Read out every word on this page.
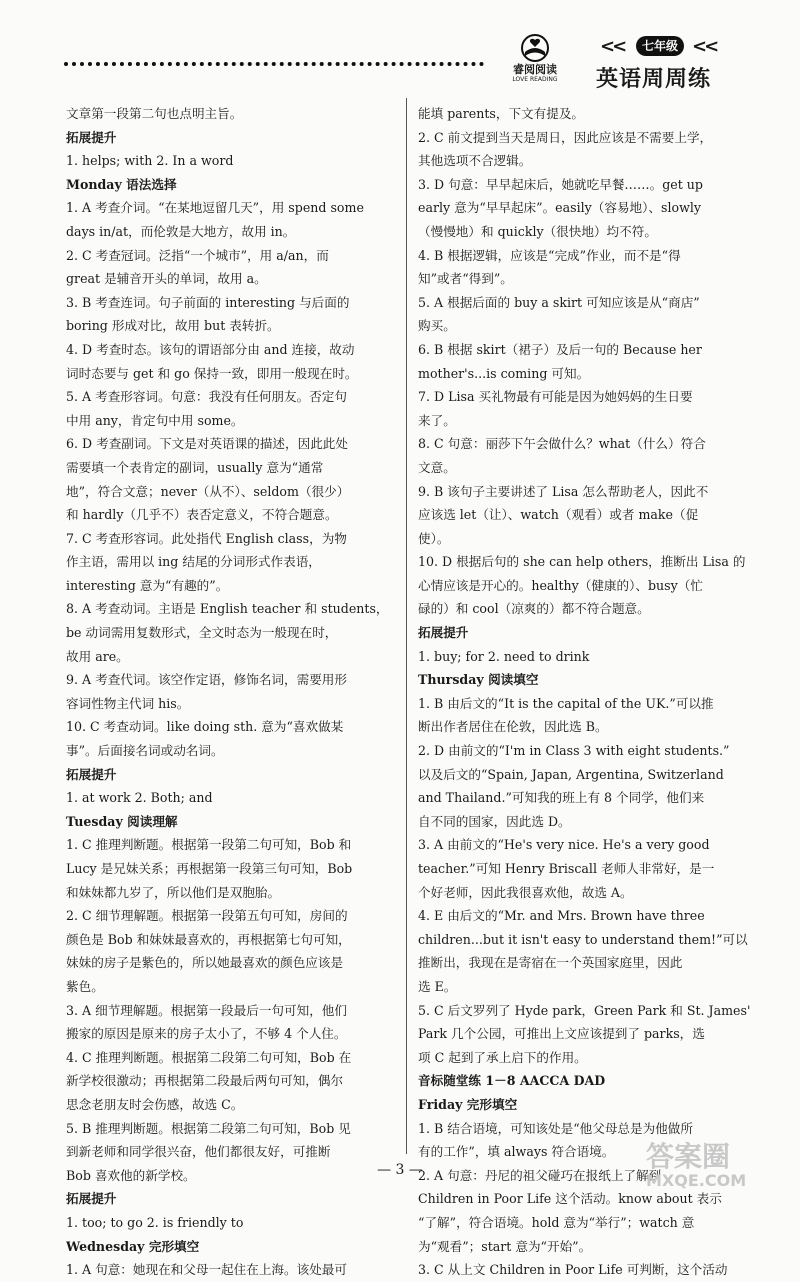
睿阅阅读
LOVE READING
<<	七年级 <<
英语周周练
文章第一段第二句也点明主旨。
拓展提升
1. helps; with 2. In a word
Monday 语法选择
1. A 考查介词。“在某地逗留几天”，用 spend some
days in/at，而伦敦是大地方，故用 in。
2. C 考查冠词。泛指“一个城市”，用 a/an，而
great 是辅音开头的单词，故用 a。
3. B 考查连词。句子前面的 interesting 与后面的
boring 形成对比，故用 but 表转折。
4. D 考查时态。该句的谓语部分由 and 连接，故动
词时态要与 get 和 go 保持一致，即用一般现在时。
5. A 考查形容词。句意：我没有任何朋友。否定句
中用 any，肯定句中用 some。
6. D 考查副词。下文是对英语课的描述，因此此处
需要填一个表肯定的副词，usually 意为“通常
地”，符合文意；never（从不）、seldom（很少）
和 hardly（几乎不）表否定意义，不符合题意。
7. C 考查形容词。此处指代 English class，为物
作主语，需用以 ing 结尾的分词形式作表语，
interesting 意为“有趣的”。
8. A 考查动词。主语是 English teacher 和 students，
be 动词需用复数形式，全文时态为一般现在时，
故用 are。
9. A 考查代词。该空作定语，修饰名词，需要用形
容词性物主代词 his。
10. C 考查动词。like doing sth. 意为“喜欢做某
事”。后面接名词或动名词。
拓展提升
1. at work 2. Both; and
Tuesday 阅读理解
1. C 推理判断题。根据第一段第二句可知，Bob 和
Lucy 是兄妹关系；再根据第一段第三句可知，Bob
和妹妹都九岁了，所以他们是双胞胎。
2. C 细节理解题。根据第一段第五句可知，房间的
颜色是 Bob 和妹妹最喜欢的，再根据第七句可知，
妹妹的房子是紫色的，所以她最喜欢的颜色应该是
紫色。
3. A 细节理解题。根据第一段最后一句可知，他们
搬家的原因是原来的房子太小了，不够 4 个人住。
4. C 推理判断题。根据第二段第二句可知，Bob 在
新学校很激动；再根据第二段最后两句可知，偶尔
思念老朋友时会伤感，故选 C。
5. B 推理判断题。根据第二段第二句可知，Bob 见
到新老师和同学很兴奋，他们都很友好，可推断
Bob 喜欢他的新学校。
拓展提升
1. too; to go 2. is friendly to
Wednesday 完形填空
1. A 句意：她现在和父母一起住在上海。该处最可
能填 parents，下文有提及。
2. C 前文提到当天是周日，因此应该是不需要上学，
其他选项不合逻辑。
3. D 句意：早早起床后，她就吃早餐……。get up
early 意为“早早起床”。easily（容易地）、slowly
（慢慢地）和 quickly（很快地）均不符。
4. B 根据逻辑，应该是“完成”作业，而不是“得
知”或者“得到”。
5. A 根据后面的 buy a skirt 可知应该是从“商店”
购买。
6. B 根据 skirt（裙子）及后一句的 Because her
mother's...is coming 可知。
7. D Lisa 买礼物最有可能是因为她妈妈的生日要
来了。
8. C 句意：丽莎下午会做什么？what（什么）符合
文意。
9. B 该句子主要讲述了 Lisa 怎么帮助老人，因此不
应该选 let（让）、watch（观看）或者 make（促
使）。
10. D 根据后句的 she can help others，推断出 Lisa 的
心情应该是开心的。healthy（健康的）、busy（忙
碌的）和 cool（凉爽的）都不符合题意。
拓展提升
1. buy; for 2. need to drink
Thursday 阅读填空
1. B 由后文的“It is the capital of the UK.”可以推
断出作者居住在伦敦，因此选 B。
2. D 由前文的“I'm in Class 3 with eight students.”
以及后文的“Spain, Japan, Argentina, Switzerland
and Thailand.”可知我的班上有 8 个同学，他们来
自不同的国家，因此选 D。
3. A 由前文的“He's very nice. He's a very good
teacher.”可知 Henry Briscall 老师人非常好，是一
个好老师，因此我很喜欢他，故选 A。
4. E 由后文的“Mr. and Mrs. Brown have three
children...but it isn't easy to understand them!”可以
推断出，我现在是寄宿在一个英国家庭里，因此
选 E。
5. C 后文罗列了 Hyde park，Green Park 和 St. James'
Park 几个公园，可推出上文应该提到了 parks，选
项 C 起到了承上启下的作用。
音标随堂练 1－8 AACCA DAD
Friday 完形填空
1. B 结合语境，可知该处是“他父母总是为他做所
有的工作”，填 always 符合语境。
2. A 句意：丹尼的祖父碰巧在报纸上了解到
Children in Poor Life 这个活动。know about 表示
“了解”，符合语境。hold 意为“举行”；watch 意
为“观看”；start 意为“开始”。
3. C 从上文 Children in Poor Life 可判断，这个活动
— 3 —	答案圈
MXQE.COM
